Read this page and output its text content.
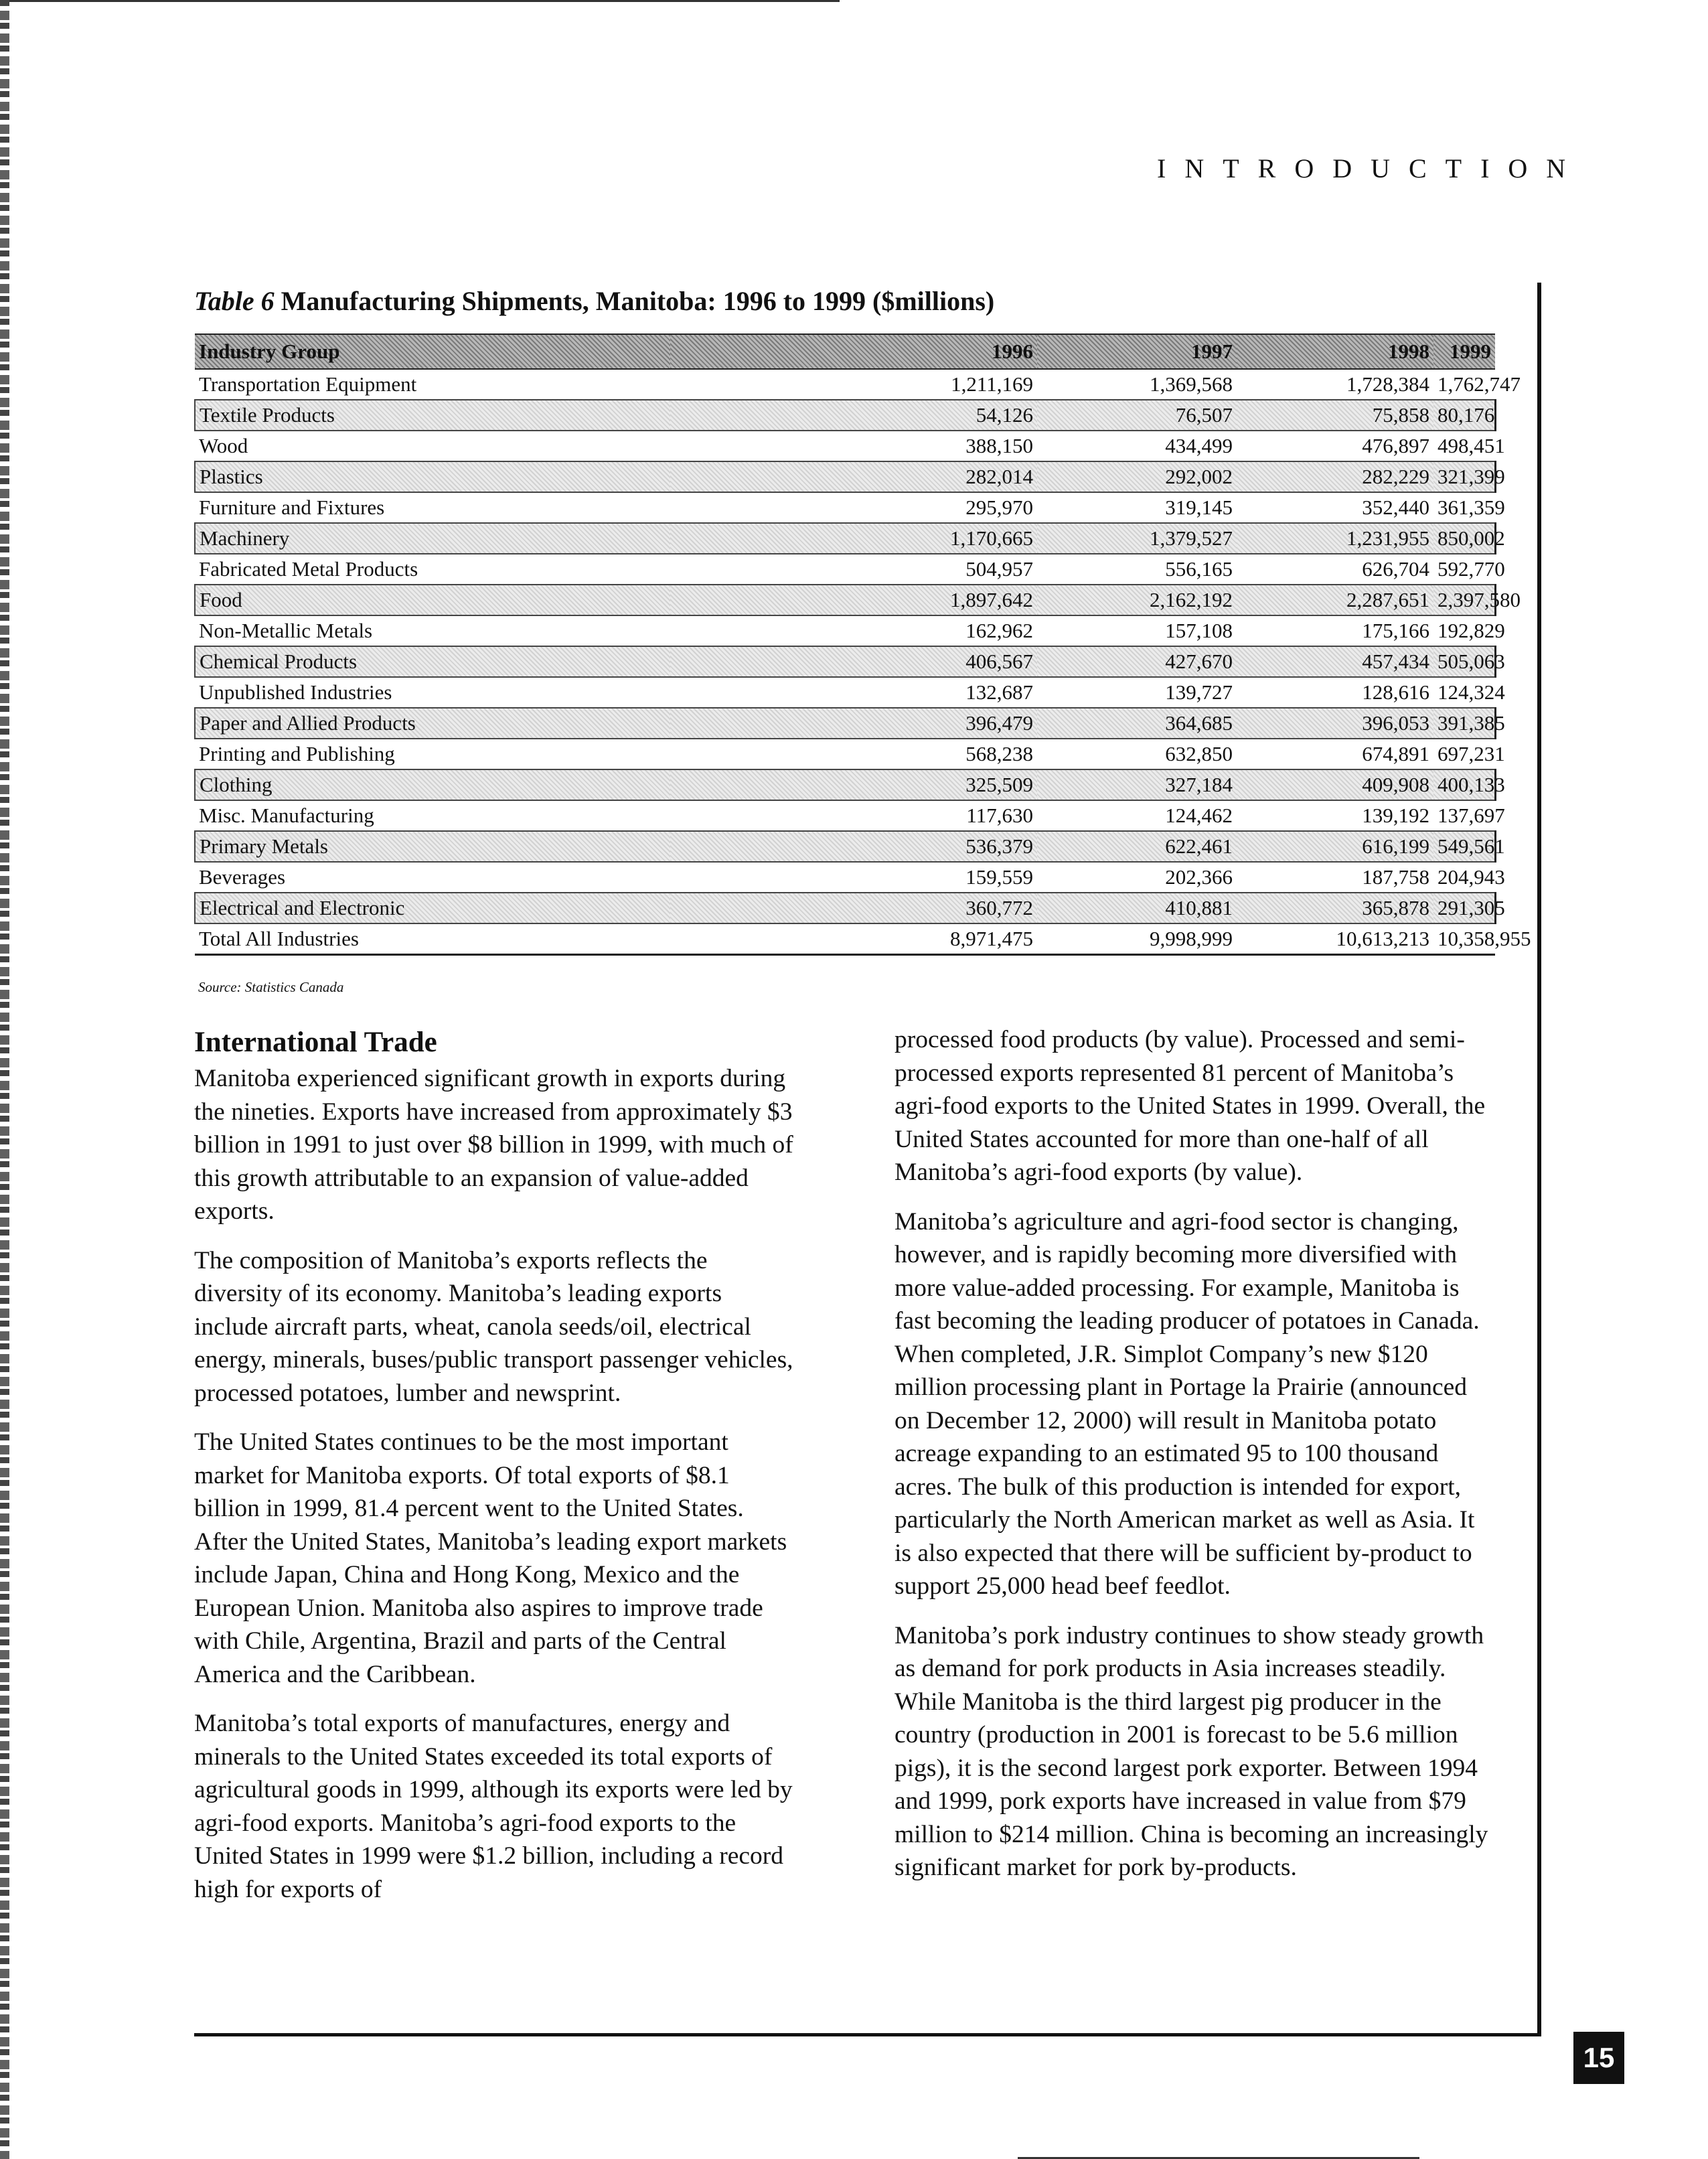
INTRODUCTION
Table 6 Manufacturing Shipments, Manitoba: 1996 to 1999 ($millions)
Industry Group	1996	1997	1998	1999
Transportation Equipment	1,211,169	1,369,568	1,728,384	1,762,747
Textile Products	54,126	76,507	75,858	80,176
Wood	388,150	434,499	476,897	498,451
Plastics	282,014	292,002	282,229	321,399
Furniture and Fixtures	295,970	319,145	352,440	361,359
Machinery	1,170,665	1,379,527	1,231,955	850,002
Fabricated Metal Products	504,957	556,165	626,704	592,770
Food	1,897,642	2,162,192	2,287,651	2,397,580
Non-Metallic Metals	162,962	157,108	175,166	192,829
Chemical Products	406,567	427,670	457,434	505,063
Unpublished Industries	132,687	139,727	128,616	124,324
Paper and Allied Products	396,479	364,685	396,053	391,385
Printing and Publishing	568,238	632,850	674,891	697,231
Clothing	325,509	327,184	409,908	400,133
Misc. Manufacturing	117,630	124,462	139,192	137,697
Primary Metals	536,379	622,461	616,199	549,561
Beverages	159,559	202,366	187,758	204,943
Electrical and Electronic	360,772	410,881	365,878	291,305
Total All Industries	8,971,475	9,998,999	10,613,213	10,358,955
Source: Statistics Canada
International Trade

Manitoba experienced significant growth in exports during the nineties. Exports have increased from approximately $3 billion in 1991 to just over $8 billion in 1999, with much of this growth attributable to an expansion of value-added exports.

The composition of Manitoba’s exports reflects the diversity of its economy. Manitoba’s leading exports include aircraft parts, wheat, canola seeds/oil, electrical energy, minerals, buses/public transport passenger vehicles, processed potatoes, lumber and newsprint.

The United States continues to be the most important market for Manitoba exports. Of total exports of $8.1 billion in 1999, 81.4 percent went to the United States. After the United States, Manitoba’s leading export markets include Japan, China and Hong Kong, Mexico and the European Union. Manitoba also aspires to improve trade with Chile, Argentina, Brazil and parts of the Central America and the Caribbean.

Manitoba’s total exports of manufactures, energy and minerals to the United States exceeded its total exports of agricultural goods in 1999, although its exports were led by agri-food exports. Manitoba’s agri-food exports to the United States in 1999 were $1.2 billion, including a record high for exports of

processed food products (by value). Processed and semi-processed exports represented 81 percent of Manitoba’s agri-food exports to the United States in 1999. Overall, the United States accounted for more than one-half of all Manitoba’s agri-food exports (by value).

Manitoba’s agriculture and agri-food sector is changing, however, and is rapidly becoming more diversified with more value-added processing. For example, Manitoba is fast becoming the leading producer of potatoes in Canada. When completed, J.R. Simplot Company’s new $120 million processing plant in Portage la Prairie (announced on December 12, 2000) will result in Manitoba potato acreage expanding to an estimated 95 to 100 thousand acres. The bulk of this production is intended for export, particularly the North American market as well as Asia. It is also expected that there will be sufficient by-product to support 25,000 head beef feedlot.

Manitoba’s pork industry continues to show steady growth as demand for pork products in Asia increases steadily. While Manitoba is the third largest pig producer in the country (production in 2001 is forecast to be 5.6 million pigs), it is the second largest pork exporter. Between 1994 and 1999, pork exports have increased in value from $79 million to $214 million. China is becoming an increasingly significant market for pork by-products.

15
